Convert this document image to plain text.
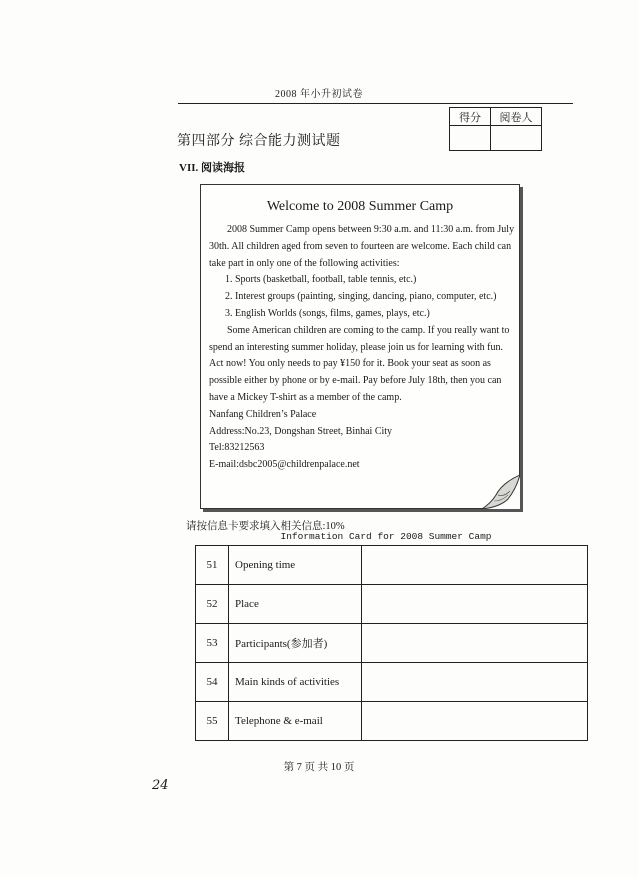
2008 年小升初试卷
得分	阅卷人

第四部分 综合能力测试题
VII. 阅读海报
Welcome to 2008 Summer Camp

2008 Summer Camp opens between 9:30 a.m. and 11:30 a.m. from July 30th. All children aged from seven to fourteen are welcome. Each child can take part in only one of the following activities:

1. Sports (basketball, football, table tennis, etc.)

2. Interest groups (painting, singing, dancing, piano, computer, etc.)

3. English Worlds (songs, films, games, plays, etc.)

Some American children are coming to the camp. If you really want to spend an interesting summer holiday, please join us for learning with fun. Act now! You only needs to pay ¥150 for it. Book your seat as soon as possible either by phone or by e-mail. Pay before July 18th, then you can have a Mickey T-shirt as a member of the camp.

Nanfang Children’s Palace

Address:No.23, Dongshan Street, Binhai City

Tel:83212563

E-mail:dsbc2005@childrenpalace.net

请按信息卡要求填入相关信息:10%
Information Card for 2008 Summer Camp
51	Opening time	
52	Place	
53	Participants(参加者)	
54	Main kinds of activities	
55	Telephone & e-mail	
第 7 页 共 10 页
24
